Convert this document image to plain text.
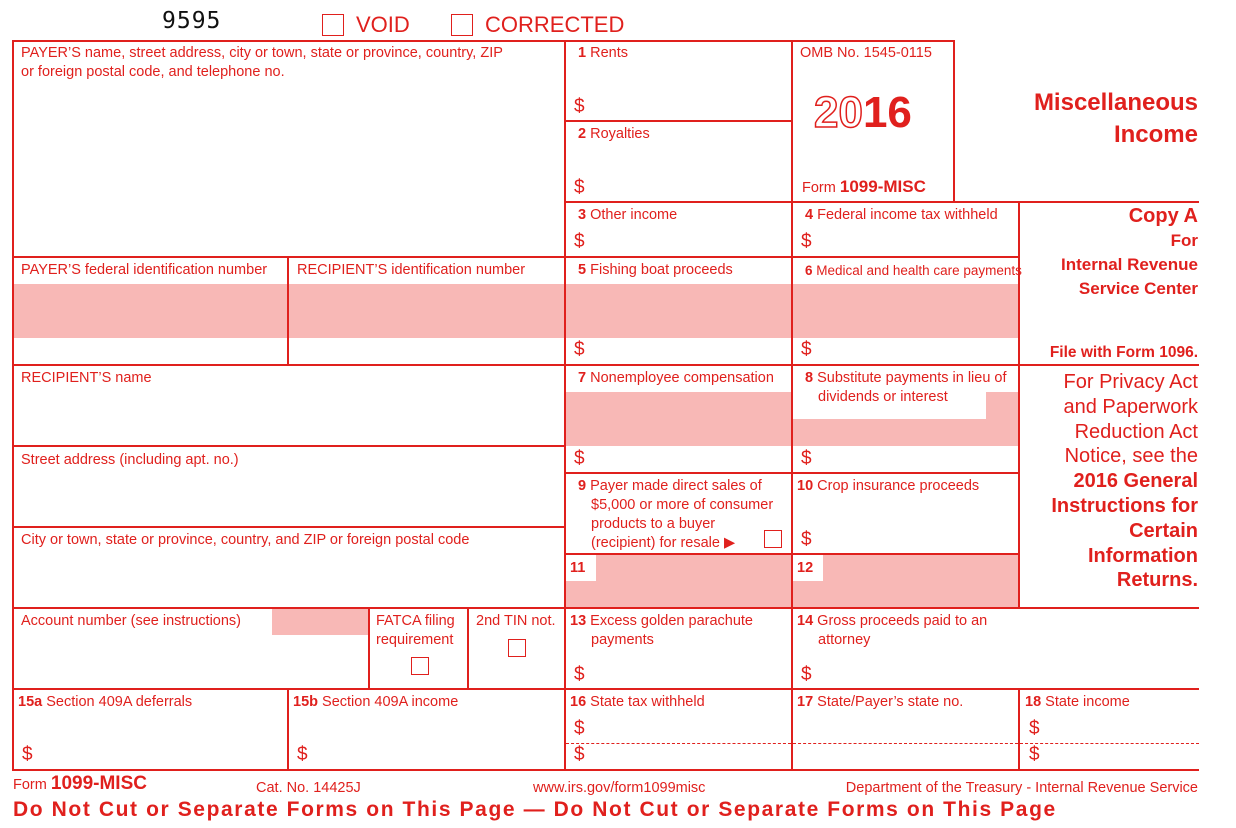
9595	VOID	CORRECTED
PAYER’S name, street address, city or town, state or province, country, ZIP
or foreign postal code, and telephone no.
PAYER’S federal identification number RECIPIENT’S identification number
RECIPIENT’S name
Street address (including apt. no.)
City or town, state or province, country, and ZIP or foreign postal code
Account number (see instructions)	FATCA filing
requirement
2nd TIN not.
1 Rents
$
2 Royalties
$
OMB No. 1545-0115
2016
Form 1099-MISC
Miscellaneous
Income
3 Other income
$
4 Federal income tax withheld
$
5 Fishing boat proceeds
$
6 Medical and health care payments
$
Copy A
For
Internal Revenue
Service Center
File with Form 1096.
7 Nonemployee compensation
$
8 Substitute payments in lieu of
dividends or interest
$
For Privacy Act
and Paperwork
Reduction Act
Notice, see the
2016 General
Instructions for
Certain
Information
Returns.
9 Payer made direct sales of
$5,000 or more of consumer
products to a buyer
(recipient) for resale ▶
10 Crop insurance proceeds
$
11	12
13 Excess golden parachute
payments
$
14 Gross proceeds paid to an
attorney
$
15a Section 409A deferrals
$
15b Section 409A income
$
16 State tax withheld
$
$
17 State/Payer’s state no.	18 State income
$
$
Form 1099-MISC	Cat. No. 14425J	www.irs.gov/form1099misc	Department of the Treasury - Internal Revenue Service
Do Not Cut or Separate Forms on This Page — Do Not Cut or Separate Forms on This Page
